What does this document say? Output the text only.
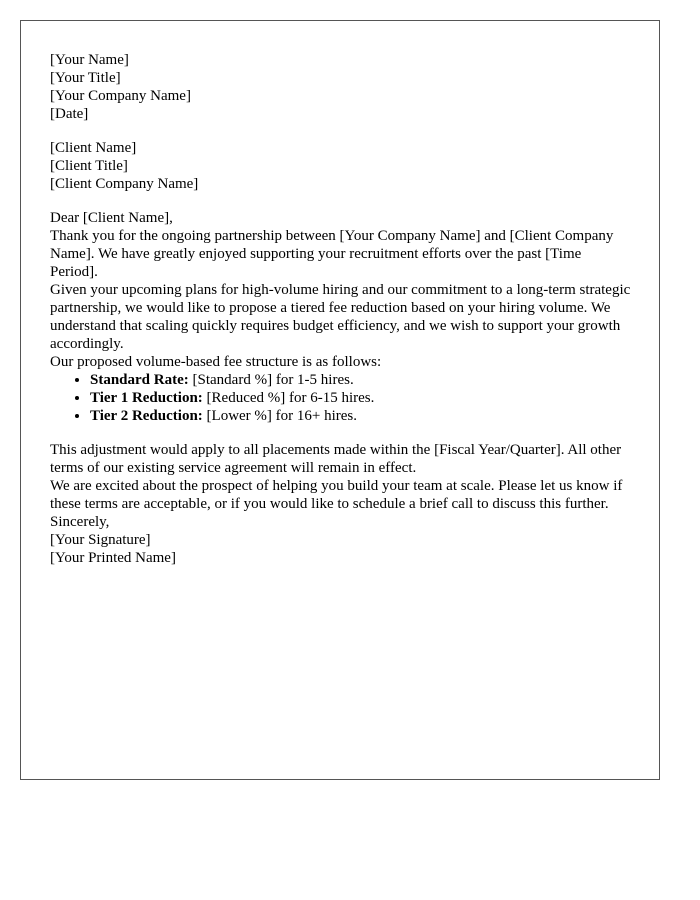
[Your Name]
[Your Title]
[Your Company Name]
[Date]
[Client Name]
[Client Title]
[Client Company Name]

Dear [Client Name],

Thank you for the ongoing partnership between [Your Company Name] and [Client Company Name]. We have greatly enjoyed supporting your recruitment efforts over the past [Time Period].

Given your upcoming plans for high-volume hiring and our commitment to a long-term strategic partnership, we would like to propose a tiered fee reduction based on your hiring volume. We understand that scaling quickly requires budget efficiency, and we wish to support your growth accordingly.

Our proposed volume-based fee structure is as follows:

• Standard Rate: [Standard %] for 1-5 hires.
• Tier 1 Reduction: [Reduced %] for 6-15 hires.
• Tier 2 Reduction: [Lower %] for 16+ hires.

This adjustment would apply to all placements made within the [Fiscal Year/Quarter]. All other terms of our existing service agreement will remain in effect.

We are excited about the prospect of helping you build your team at scale. Please let us know if these terms are acceptable, or if you would like to schedule a brief call to discuss this further.

Sincerely,

[Your Signature]
[Your Printed Name]
